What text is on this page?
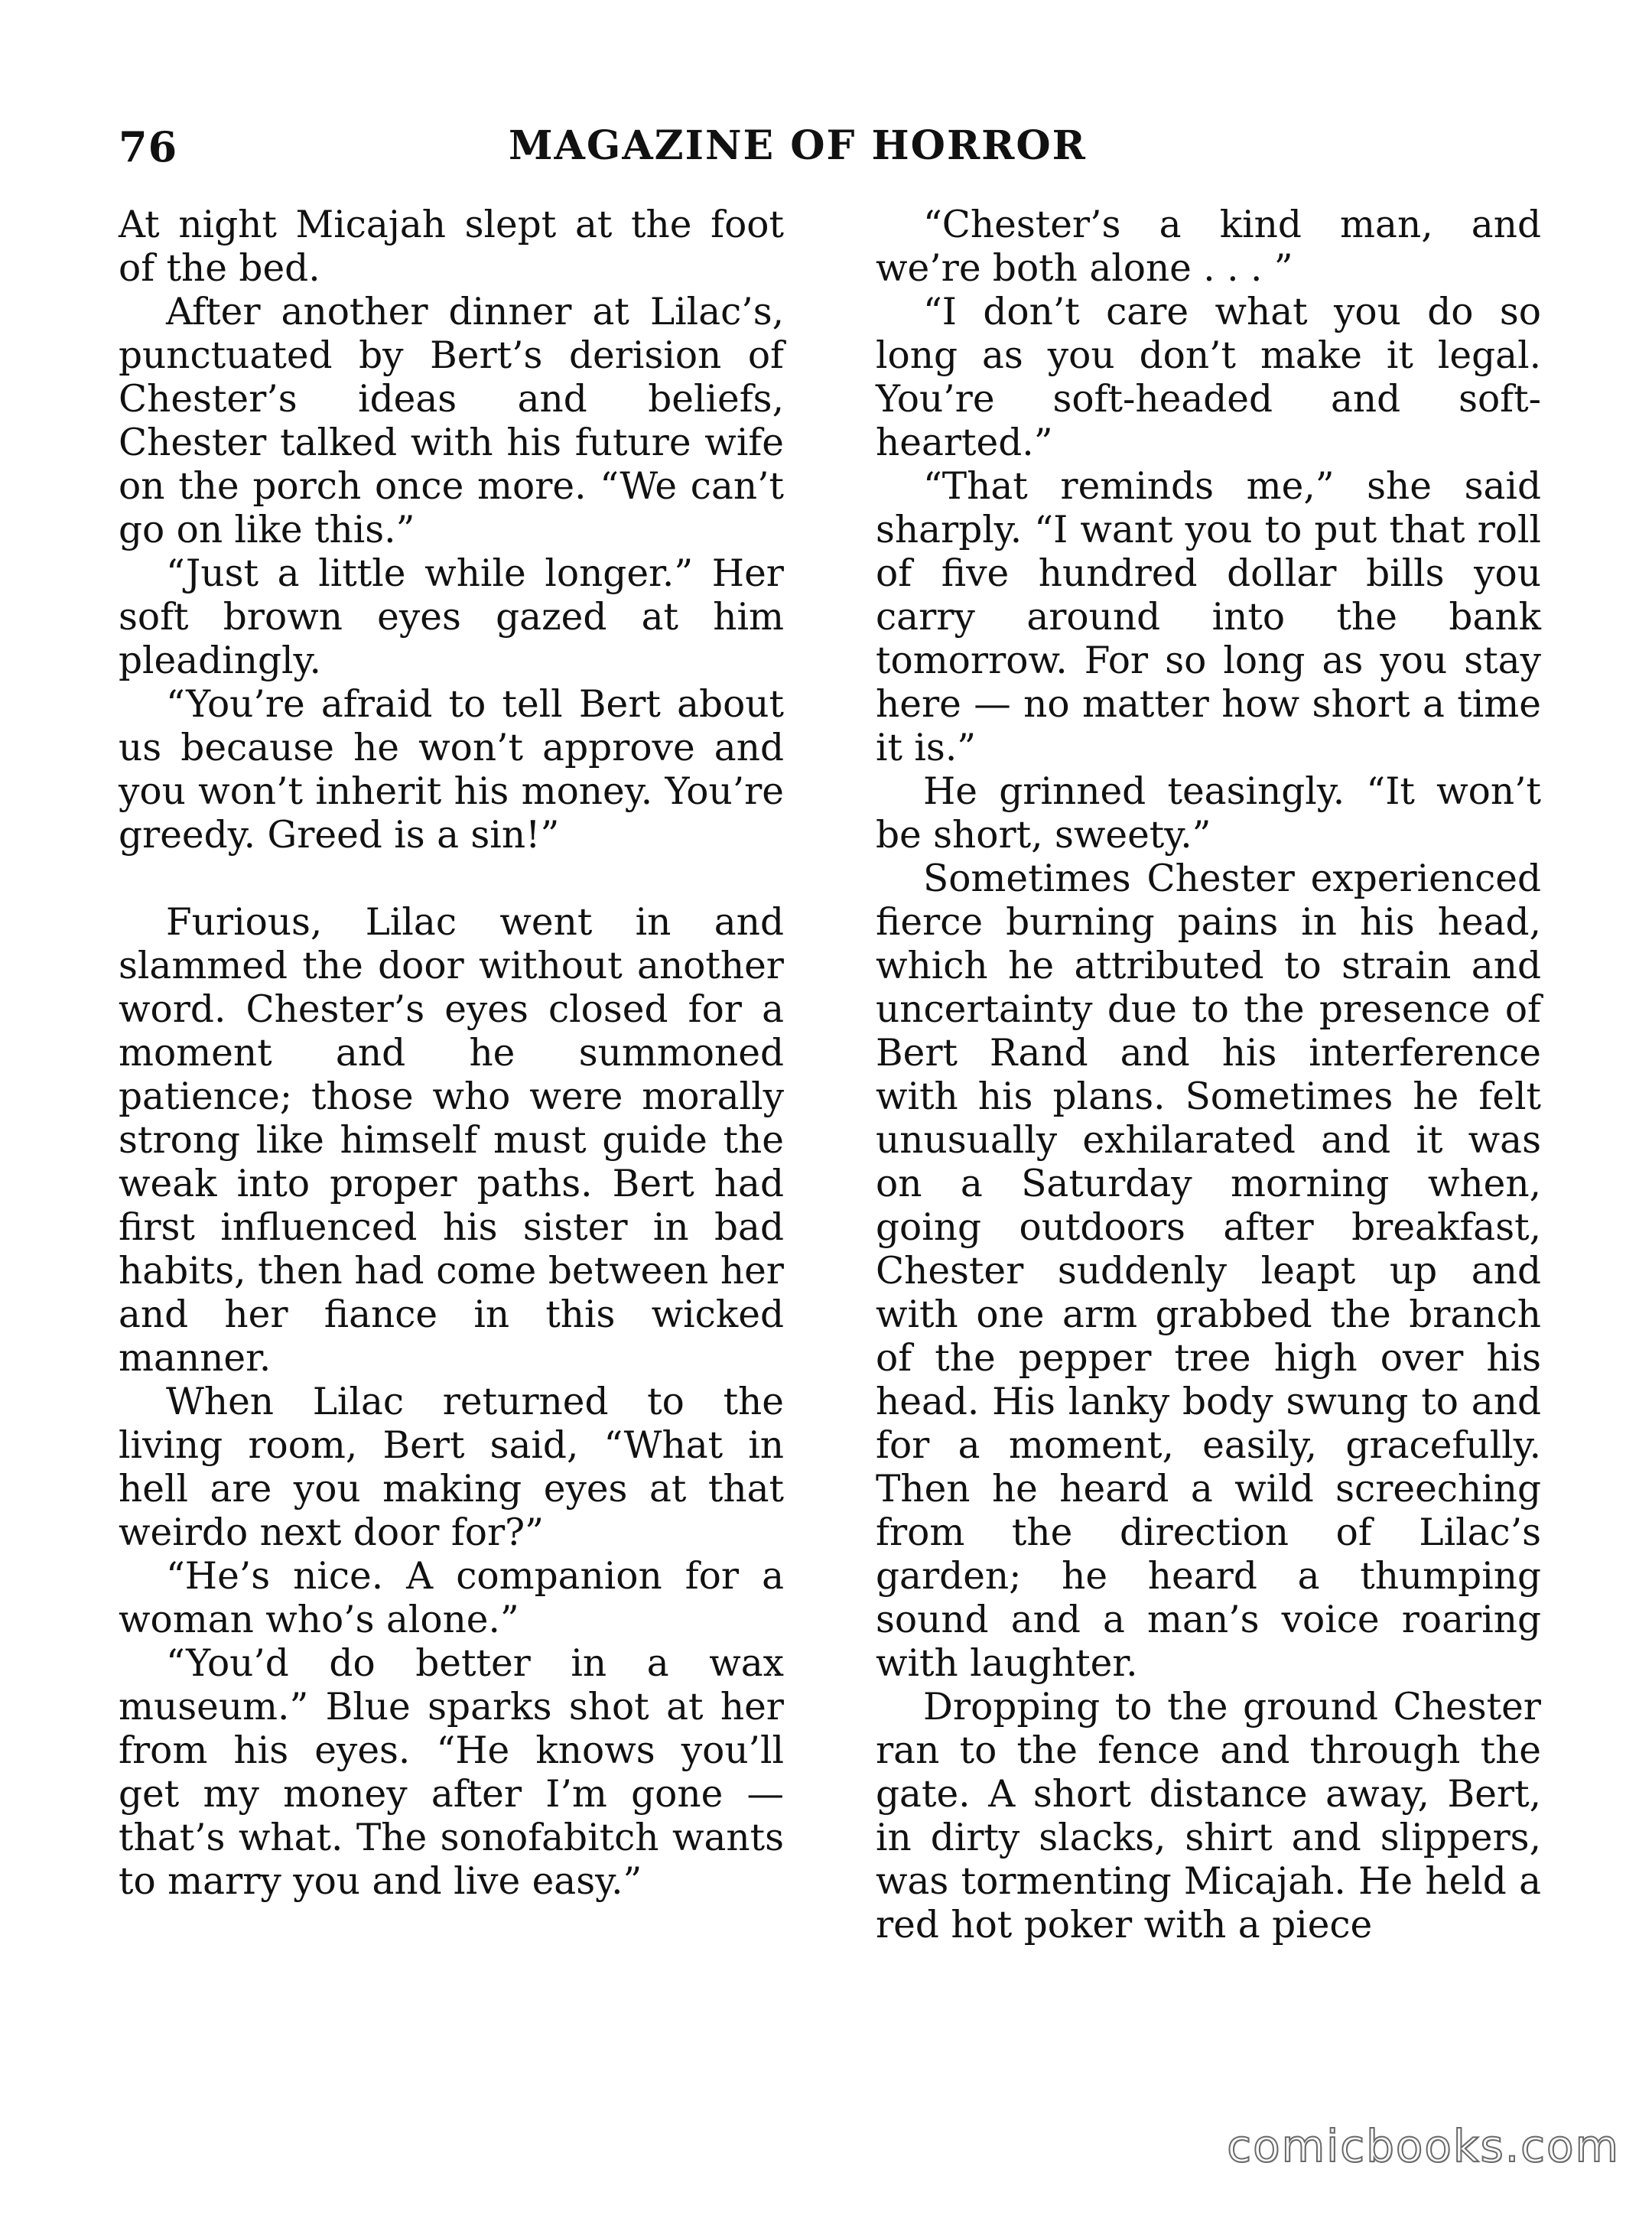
76	MAGAZINE OF HORROR

At night Micajah slept at the foot of the bed.

After another dinner at Lilac’s, punctuated by Bert’s derision of Chester’s ideas and beliefs, Chester talked with his future wife on the porch once more. “We can’t go on like this.”

“Just a little while longer.” Her soft brown eyes gazed at him pleadingly.

“You’re afraid to tell Bert about us because he won’t approve and you won’t inherit his money. You’re greedy. Greed is a sin!”

Furious, Lilac went in and slammed the door without another word. Chester’s eyes closed for a moment and he summoned patience; those who were morally strong like himself must guide the weak into proper paths. Bert had first influenced his sister in bad habits, then had come between her and her fiance in this wicked manner.

When Lilac returned to the living room, Bert said, “What in hell are you making eyes at that weirdo next door for?”

“He’s nice. A companion for a woman who’s alone.”

“You’d do better in a wax museum.” Blue sparks shot at her from his eyes. “He knows you’ll get my money after I’m gone — that’s what. The sonofabitch wants to marry you and live easy.”

“Chester’s a kind man, and we’re both alone . . . ”

“I don’t care what you do so long as you don’t make it legal. You’re soft-headed and soft-hearted.”

“That reminds me,” she said sharply. “I want you to put that roll of five hundred dollar bills you carry around into the bank tomorrow. For so long as you stay here — no matter how short a time it is.”

He grinned teasingly. “It won’t be short, sweety.”

Sometimes Chester experienced fierce burning pains in his head, which he attributed to strain and uncertainty due to the presence of Bert Rand and his interference with his plans. Sometimes he felt unusually exhilarated and it was on a Saturday morning when, going outdoors after breakfast, Chester suddenly leapt up and with one arm grabbed the branch of the pepper tree high over his head. His lanky body swung to and for a moment, easily, gracefully. Then he heard a wild screeching from the direction of Lilac’s garden; he heard a thumping sound and a man’s voice roaring with laughter.

Dropping to the ground Chester ran to the fence and through the gate. A short distance away, Bert, in dirty slacks, shirt and slippers, was tormenting Micajah. He held a red hot poker with a piece

comicbooks.com
